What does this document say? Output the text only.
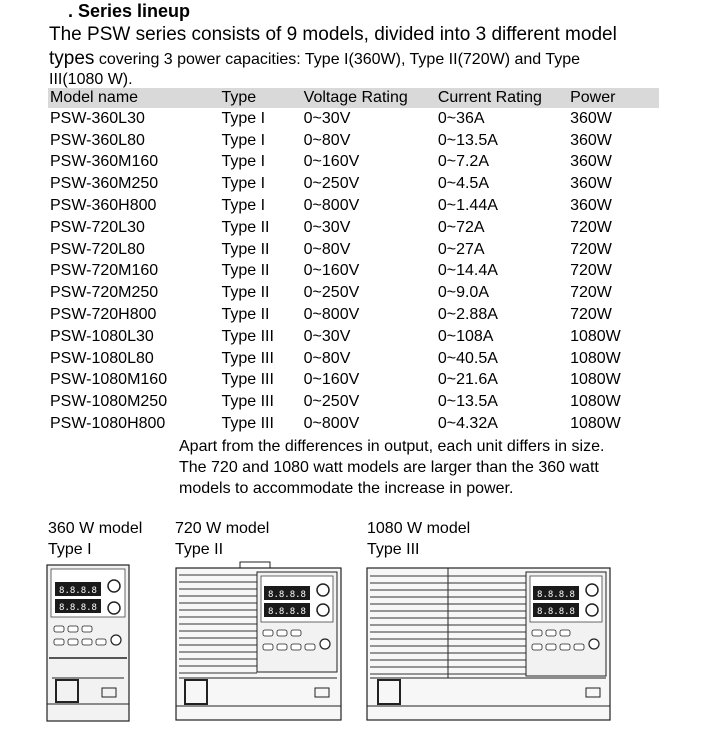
. Series lineup
The PSW series consists of 9 models, divided into 3 different model
types covering 3 power capacities: Type I(360W), Type II(720W) and Type
III(1080 W).
Model name	Type	Voltage Rating	Current Rating	Power
PSW-360L30	Type I	0~30V	0~36A	360W
PSW-360L80	Type I	0~80V	0~13.5A	360W
PSW-360M160	Type I	0~160V	0~7.2A	360W
PSW-360M250	Type I	0~250V	0~4.5A	360W
PSW-360H800	Type I	0~800V	0~1.44A	360W
PSW-720L30	Type II	0~30V	0~72A	720W
PSW-720L80	Type II	0~80V	0~27A	720W
PSW-720M160	Type II	0~160V	0~14.4A	720W
PSW-720M250	Type II	0~250V	0~9.0A	720W
PSW-720H800	Type II	0~800V	0~2.88A	720W
PSW-1080L30	Type III	0~30V	0~108A	1080W
PSW-1080L80	Type III	0~80V	0~40.5A	1080W
PSW-1080M160	Type III	0~160V	0~21.6A	1080W
PSW-1080M250	Type III	0~250V	0~13.5A	1080W
PSW-1080H800	Type III	0~800V	0~4.32A	1080W
Apart from the differences in output, each unit differs in size.
The 720 and 1080 watt models are larger than the 360 watt
models to accommodate the increase in power.
360 W model
Type I
720 W model
Type II
1080 W model
Type III
8.8.8.8
8.8.8.8
8.8.8.8
8.8.8.8
8.8.8.8
8.8.8.8
